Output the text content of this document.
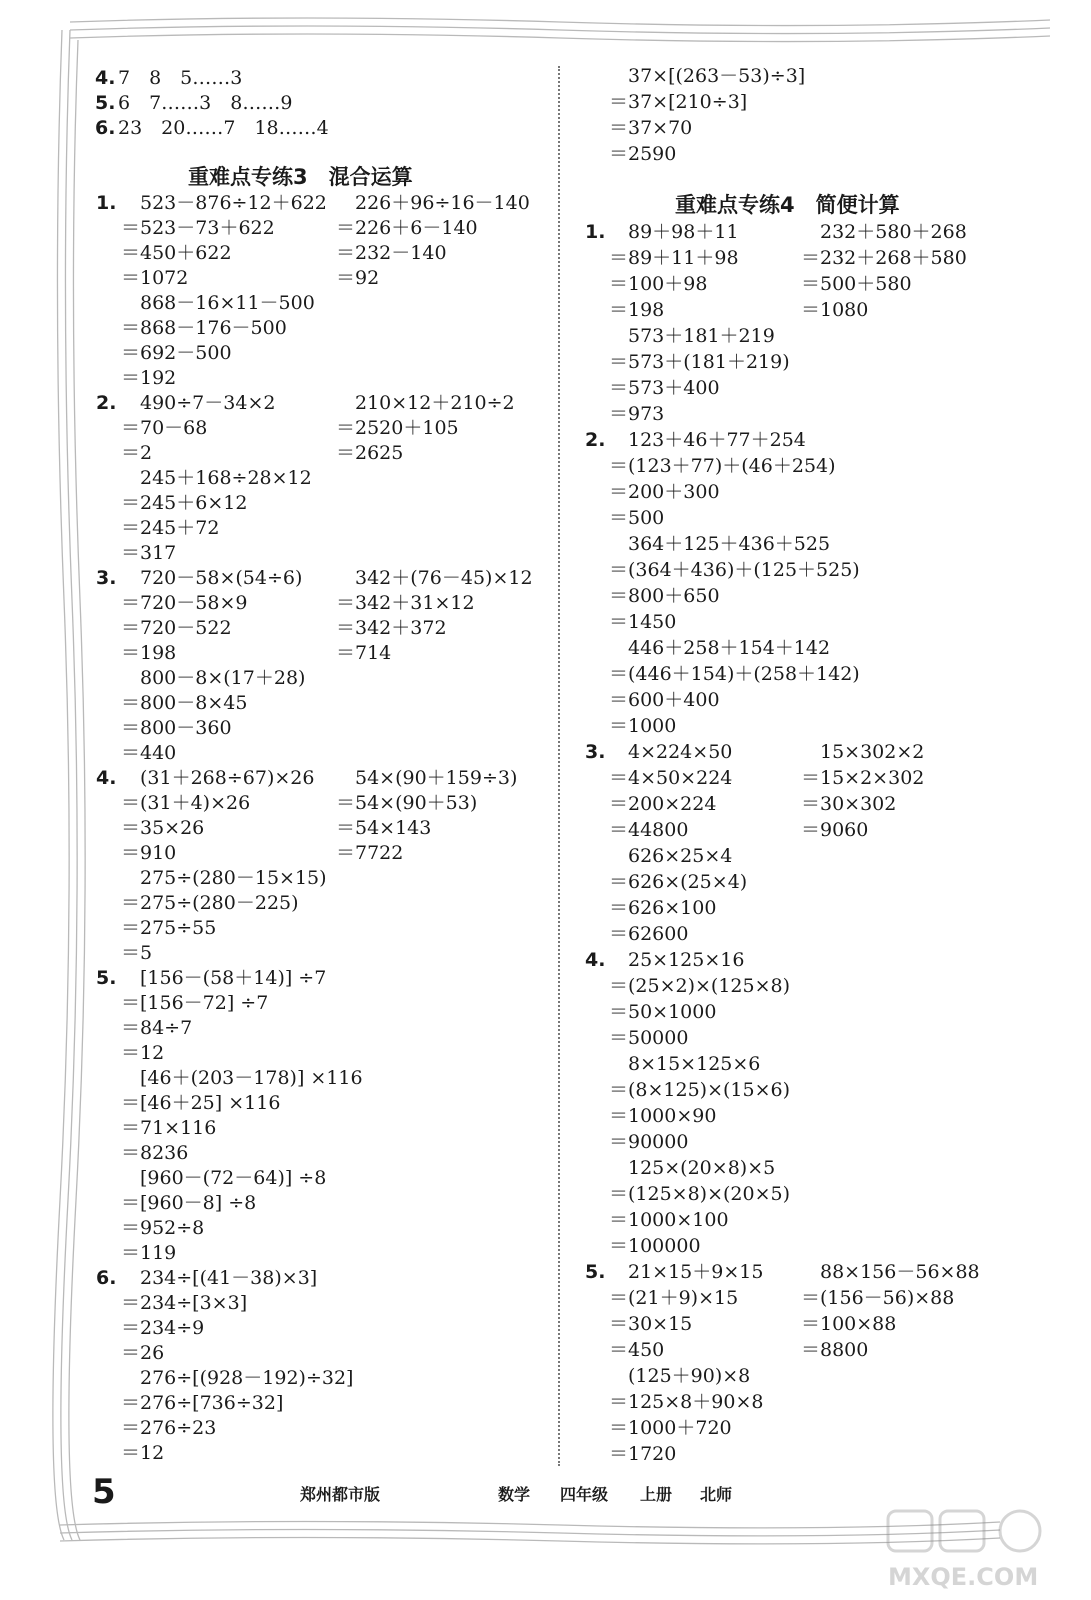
4. 7　8　5……3
5. 6　7……3　8……9
6. 23　20……7　18……4
重难点专练3　混合运算
1. 523－876÷12＋622 226＋96÷16－140
＝523－73＋622	＝226＋6－140
＝450＋622	＝232－140
＝1072	＝92
868－16×11－500
＝868－176－500
＝692－500
＝192
2. 490÷7－34×2	210×12＋210÷2
＝70－68	＝2520＋105
＝2	＝2625
245＋168÷28×12
＝245＋6×12
＝245＋72
＝317
3. 720－58×(54÷6)	342＋(76－45)×12
＝720－58×9	＝342＋31×12
＝720－522	＝342＋372
＝198	＝714
800－8×(17＋28)
＝800－8×45
＝800－360
＝440
4. (31＋268÷67)×26 54×(90＋159÷3)
＝(31＋4)×26	＝54×(90＋53)
＝35×26	＝54×143
＝910	＝7722
275÷(280－15×15)
＝275÷(280－225)
＝275÷55
＝5
5. [156－(58＋14)] ÷7
＝[156－72] ÷7
＝84÷7
＝12
[46＋(203－178)] ×116
＝[46＋25] ×116
＝71×116
＝8236
[960－(72－64)] ÷8
＝[960－8] ÷8
＝952÷8
＝119
6. 234÷[(41－38)×3]
＝234÷[3×3]
＝234÷9
＝26
276÷[(928－192)÷32]
＝276÷[736÷32]
＝276÷23
＝12
37×[(263－53)÷3]
＝37×[210÷3]
＝37×70
＝2590
重难点专练4　简便计算
1. 89＋98＋11	232＋580＋268
＝89＋11＋98	＝232＋268＋580
＝100＋98	＝500＋580
＝198	＝1080
573＋181＋219
＝573＋(181＋219)
＝573＋400
＝973
2. 123＋46＋77＋254
＝(123＋77)＋(46＋254)
＝200＋300
＝500
364＋125＋436＋525
＝(364＋436)＋(125＋525)
＝800＋650
＝1450
446＋258＋154＋142
＝(446＋154)＋(258＋142)
＝600＋400
＝1000
3. 4×224×50	15×302×2
＝4×50×224	＝15×2×302
＝200×224	＝30×302
＝44800	＝9060
626×25×4
＝626×(25×4)
＝626×100
＝62600
4. 25×125×16
＝(25×2)×(125×8)
＝50×1000
＝50000
8×15×125×6
＝(8×125)×(15×6)
＝1000×90
＝90000
125×(20×8)×5
＝(125×8)×(20×5)
＝1000×100
＝100000
5. 21×15＋9×15	88×156－56×88
＝(21＋9)×15	＝(156－56)×88
＝30×15	＝100×88
＝450	＝8800
(125＋90)×8
＝125×8＋90×8
＝1000＋720
＝1720
5	郑州都市版	数学 四年级 上册 北师
MXQE.COM
